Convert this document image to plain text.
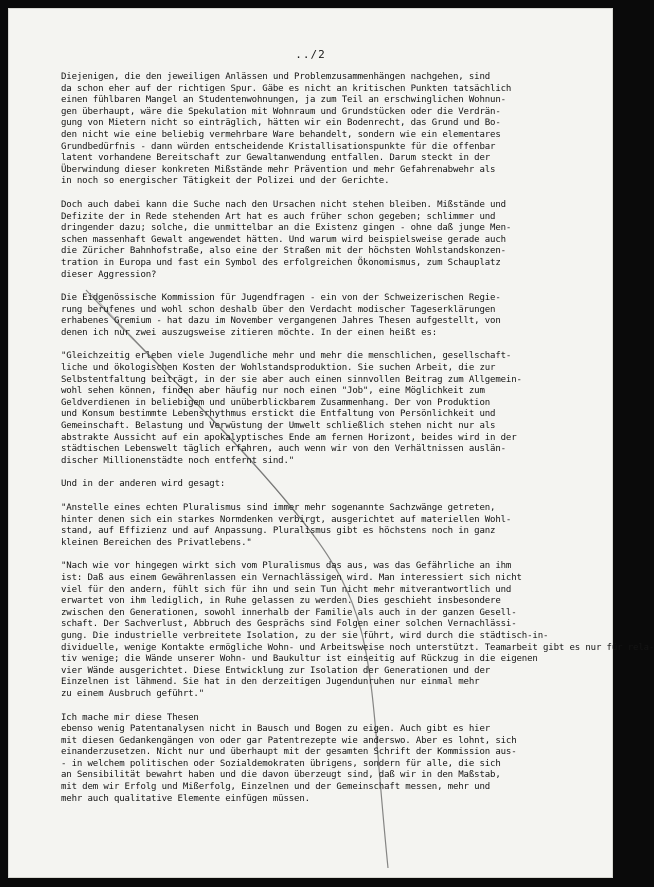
../2
Diejenigen, die den jeweiligen Anlässen und Problemzusammenhängen nachgehen, sind
da schon eher auf der richtigen Spur. Gäbe es nicht an kritischen Punkten tatsächlich
einen fühlbaren Mangel an Studentenwohnungen, ja zum Teil an erschwinglichen Wohnun-
gen überhaupt, wäre die Spekulation mit Wohnraum und Grundstücken oder die Verdrän-
gung von Mietern nicht so einträglich, hätten wir ein Bodenrecht, das Grund und Bo-
den nicht wie eine beliebig vermehrbare Ware behandelt, sondern wie ein elementares
Grundbedürfnis - dann würden entscheidende Kristallisationspunkte für die offenbar
latent vorhandene Bereitschaft zur Gewaltanwendung entfallen. Darum steckt in der
Überwindung dieser konkreten Mißstände mehr Prävention und mehr Gefahrenabwehr als
in noch so energischer Tätigkeit der Polizei und der Gerichte.
Doch auch dabei kann die Suche nach den Ursachen nicht stehen bleiben. Mißstände und
Defizite der in Rede stehenden Art hat es auch früher schon gegeben; schlimmer und
dringender dazu; solche, die unmittelbar an die Existenz gingen - ohne daß junge Men-
schen massenhaft Gewalt angewendet hätten. Und warum wird beispielsweise gerade auch
die Züricher Bahnhofstraße, also eine der Straßen mit der höchsten Wohlstandskonzen-
tration in Europa und fast ein Symbol des erfolgreichen Ökonomismus, zum Schauplatz
dieser Aggression?
Die Eidgenössische Kommission für Jugendfragen - ein von der Schweizerischen Regie-
rung berufenes und wohl schon deshalb über den Verdacht modischer Tageserklärungen
erhabenes Gremium - hat dazu im November vergangenen Jahres Thesen aufgestellt, von
denen ich nur zwei auszugsweise zitieren möchte. In der einen heißt es:
"Gleichzeitig erleben viele Jugendliche mehr und mehr die menschlichen, gesellschaft-
liche und ökologischen Kosten der Wohlstandsproduktion. Sie suchen Arbeit, die zur
Selbstentfaltung beiträgt, in der sie aber auch einen sinnvollen Beitrag zum Allgemein-
wohl sehen können, finden aber häufig nur noch einen "Job", eine Möglichkeit zum
Geldverdienen in beliebigem und unüberblickbarem Zusammenhang. Der von Produktion
und Konsum bestimmte Lebensrhythmus erstickt die Entfaltung von Persönlichkeit und
Gemeinschaft. Belastung und Verwüstung der Umwelt schließlich stehen nicht nur als
abstrakte Aussicht auf ein apokalyptisches Ende am fernen Horizont, beides wird in der
städtischen Lebenswelt täglich erfahren, auch wenn wir von den Verhältnissen auslän-
discher Millionenstädte noch entfernt sind."
Und in der anderen wird gesagt:
"Anstelle eines echten Pluralismus sind immer mehr sogenannte Sachzwänge getreten,
hinter denen sich ein starkes Normdenken verbirgt, ausgerichtet auf materiellen Wohl-
stand, auf Effizienz und auf Anpassung. Pluralismus gibt es höchstens noch in ganz
kleinen Bereichen des Privatlebens."
"Nach wie vor hingegen wirkt sich vom Pluralismus das aus, was das Gefährliche an ihm
ist: Daß aus einem Gewährenlassen ein Vernachlässigen wird. Man interessiert sich nicht
viel für den andern, fühlt sich für ihn und sein Tun nicht mehr mitverantwortlich und
erwartet von ihm lediglich, in Ruhe gelassen zu werden. Dies geschieht insbesondere
zwischen den Generationen, sowohl innerhalb der Familie als auch in der ganzen Gesell-
schaft. Der Sachverlust, Abbruch des Gesprächs sind Folgen einer solchen Vernachlässi-
gung. Die industrielle verbreitete Isolation, zu der sie führt, wird durch die städtisch-in-
dividuelle, wenige Kontakte ermögliche Wohn- und Arbeitsweise noch unterstützt. Teamarbeit gibt es nur für rela-
tiv wenige; die Wände unserer Wohn- und Baukultur ist einseitig auf Rückzug in die eigenen
vier Wände ausgerichtet. Diese Entwicklung zur Isolation der Generationen und der
Einzelnen ist lähmend. Sie hat in den derzeitigen Jugendunruhen nur einmal mehr
zu einem Ausbruch geführt."
Ich mache mir diese Thesen
ebenso wenig Patentanalysen nicht in Bausch und Bogen zu eigen. Auch gibt es hier
mit diesen Gedankengängen von oder gar Patentrezepte wie anderswo. Aber es lohnt, sich
einanderzusetzen. Nicht nur und überhaupt mit der gesamten Schrift der Kommission aus-
- in welchem politischen oder Sozialdemokraten übrigens, sondern für alle, die sich
an Sensibilität bewahrt haben und die davon überzeugt sind, daß wir in den Maßstab,
mit dem wir Erfolg und Mißerfolg, Einzelnen und der Gemeinschaft messen, mehr und
mehr auch qualitative Elemente einfügen müssen.
